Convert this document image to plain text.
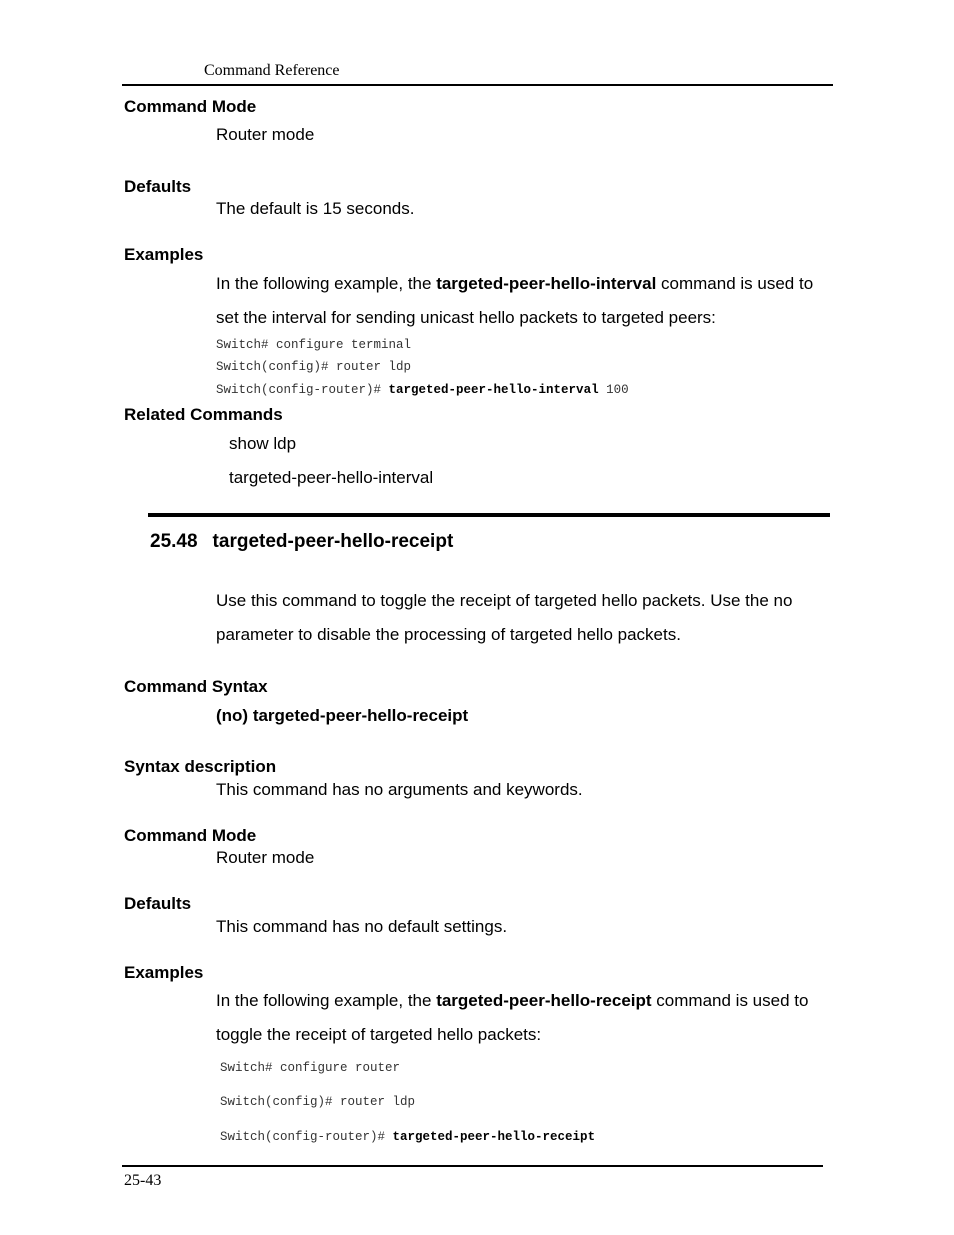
Command Reference
Command Mode
Router mode
Defaults
The default is 15 seconds.
Examples
In the following example, the targeted-peer-hello-interval command is used to
set the interval for sending unicast hello packets to targeted peers:
Switch# configure terminal
Switch(config)# router ldp
Switch(config-router)# targeted-peer-hello-interval 100
Related Commands
show ldp
targeted-peer-hello-interval
25.48 targeted-peer-hello-receipt
Use this command to toggle the receipt of targeted hello packets. Use the no
parameter to disable the processing of targeted hello packets.
Command Syntax
(no) targeted-peer-hello-receipt
Syntax description
This command has no arguments and keywords.
Command Mode
Router mode
Defaults
This command has no default settings.
Examples
In the following example, the targeted-peer-hello-receipt command is used to
toggle the receipt of targeted hello packets:
Switch# configure router
Switch(config)# router ldp
Switch(config-router)# targeted-peer-hello-receipt
25-43
